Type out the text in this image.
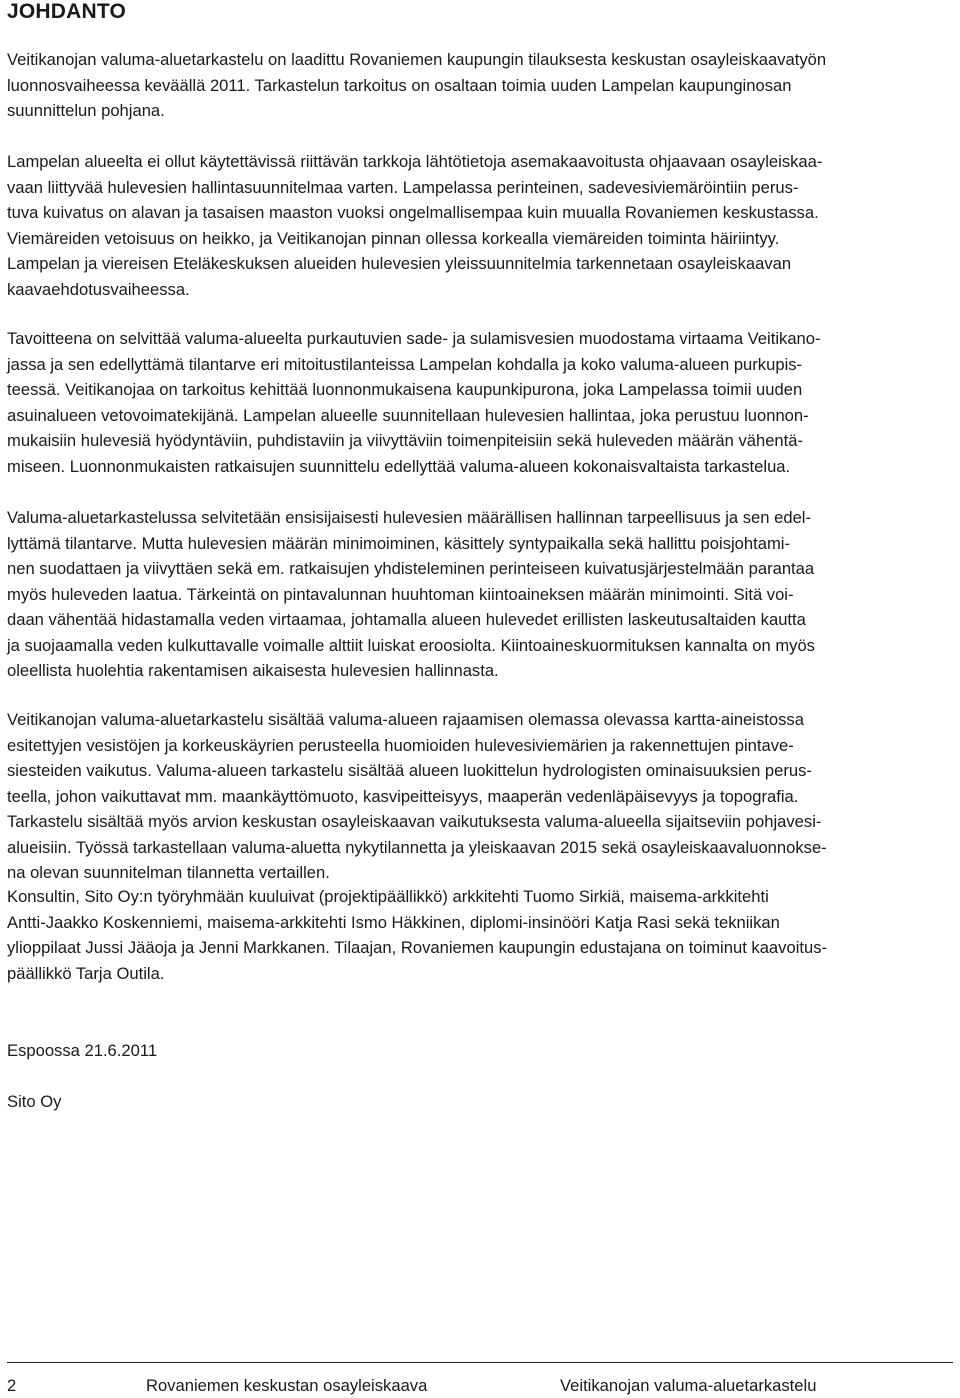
JOHDANTO

Veitikanojan valuma-aluetarkastelu on laadittu Rovaniemen kaupungin tilauksesta keskustan osayleiskaavatyön
luonnosvaiheessa keväällä 2011. Tarkastelun tarkoitus on osaltaan toimia uuden Lampelan kaupunginosan
suunnittelun pohjana.

Lampelan alueelta ei ollut käytettävissä riittävän tarkkoja lähtötietoja asemakaavoitusta ohjaavaan osayleiskaa-
vaan liittyvää hulevesien hallintasuunnitelmaa varten. Lampelassa perinteinen, sadevesiviemäröintiin perus-
tuva kuivatus on alavan ja tasaisen maaston vuoksi ongelmallisempaa kuin muualla Rovaniemen keskustassa.
Viemäreiden vetoisuus on heikko, ja Veitikanojan pinnan ollessa korkealla viemäreiden toiminta häiriintyy.
Lampelan ja viereisen Eteläkeskuksen alueiden hulevesien yleissuunnitelmia tarkennetaan osayleiskaavan
kaavaehdotusvaiheessa.

Tavoitteena on selvittää valuma-alueelta purkautuvien sade- ja sulamisvesien muodostama virtaama Veitikano-
jassa ja sen edellyttämä tilantarve eri mitoitustilanteissa Lampelan kohdalla ja koko valuma-alueen purkupis-
teessä. Veitikanojaa on tarkoitus kehittää luonnonmukaisena kaupunkipurona, joka Lampelassa toimii uuden
asuinalueen vetovoimatekijänä. Lampelan alueelle suunnitellaan hulevesien hallintaa, joka perustuu luonnon-
mukaisiin hulevesiä hyödyntäviin, puhdistaviin ja viivyttäviin toimenpiteisiin sekä huleveden määrän vähentä-
miseen. Luonnonmukaisten ratkaisujen suunnittelu edellyttää valuma-alueen kokonaisvaltaista tarkastelua.

Valuma-aluetarkastelussa selvitetään ensisijaisesti hulevesien määrällisen hallinnan tarpeellisuus ja sen edel-
lyttämä tilantarve. Mutta hulevesien määrän minimoiminen, käsittely syntypaikalla sekä hallittu poisjohtami-
nen suodattaen ja viivyttäen sekä em. ratkaisujen yhdisteleminen perinteiseen kuivatusjärjestelmään parantaa
myös huleveden laatua. Tärkeintä on pintavalunnan huuhtoman kiintoaineksen määrän minimointi. Sitä voi-
daan vähentää hidastamalla veden virtaamaa, johtamalla alueen hulevedet erillisten laskeutusaltaiden kautta
ja suojaamalla veden kulkuttavalle voimalle alttiit luiskat eroosiolta. Kiintoaineskuormituksen kannalta on myös
oleellista huolehtia rakentamisen aikaisesta hulevesien hallinnasta.

Veitikanojan valuma-aluetarkastelu sisältää valuma-alueen rajaamisen olemassa olevassa kartta-aineistossa
esitettyjen vesistöjen ja korkeuskäyrien perusteella huomioiden hulevesiviemärien ja rakennettujen pintave-
siesteiden vaikutus. Valuma-alueen tarkastelu sisältää alueen luokittelun hydrologisten ominaisuuksien perus-
teella, johon vaikuttavat mm. maankäyttömuoto, kasvipeitteisyys, maaperän vedenläpäisevyys ja topografia.
Tarkastelu sisältää myös arvion keskustan osayleiskaavan vaikutuksesta valuma-alueella sijaitseviin pohjavesi-
alueisiin. Työssä tarkastellaan valuma-aluetta nykytilannetta ja yleiskaavan 2015 sekä osayleiskaavaluonnokse-
na olevan suunnitelman tilannetta vertaillen.

Konsultin, Sito Oy:n työryhmään kuuluivat (projektipäällikkö) arkkitehti Tuomo Sirkiä, maisema-arkkitehti
Antti-Jaakko Koskenniemi, maisema-arkkitehti Ismo Häkkinen, diplomi-insinööri Katja Rasi sekä tekniikan
ylioppilaat Jussi Jääoja ja Jenni Markkanen. Tilaajan, Rovaniemen kaupungin edustajana on toiminut kaavoitus-
päällikkö Tarja Outila.

Espoossa 21.6.2011

Sito Oy

2	Rovaniemen keskustan osayleiskaava	Veitikanojan valuma-aluetarkastelu
